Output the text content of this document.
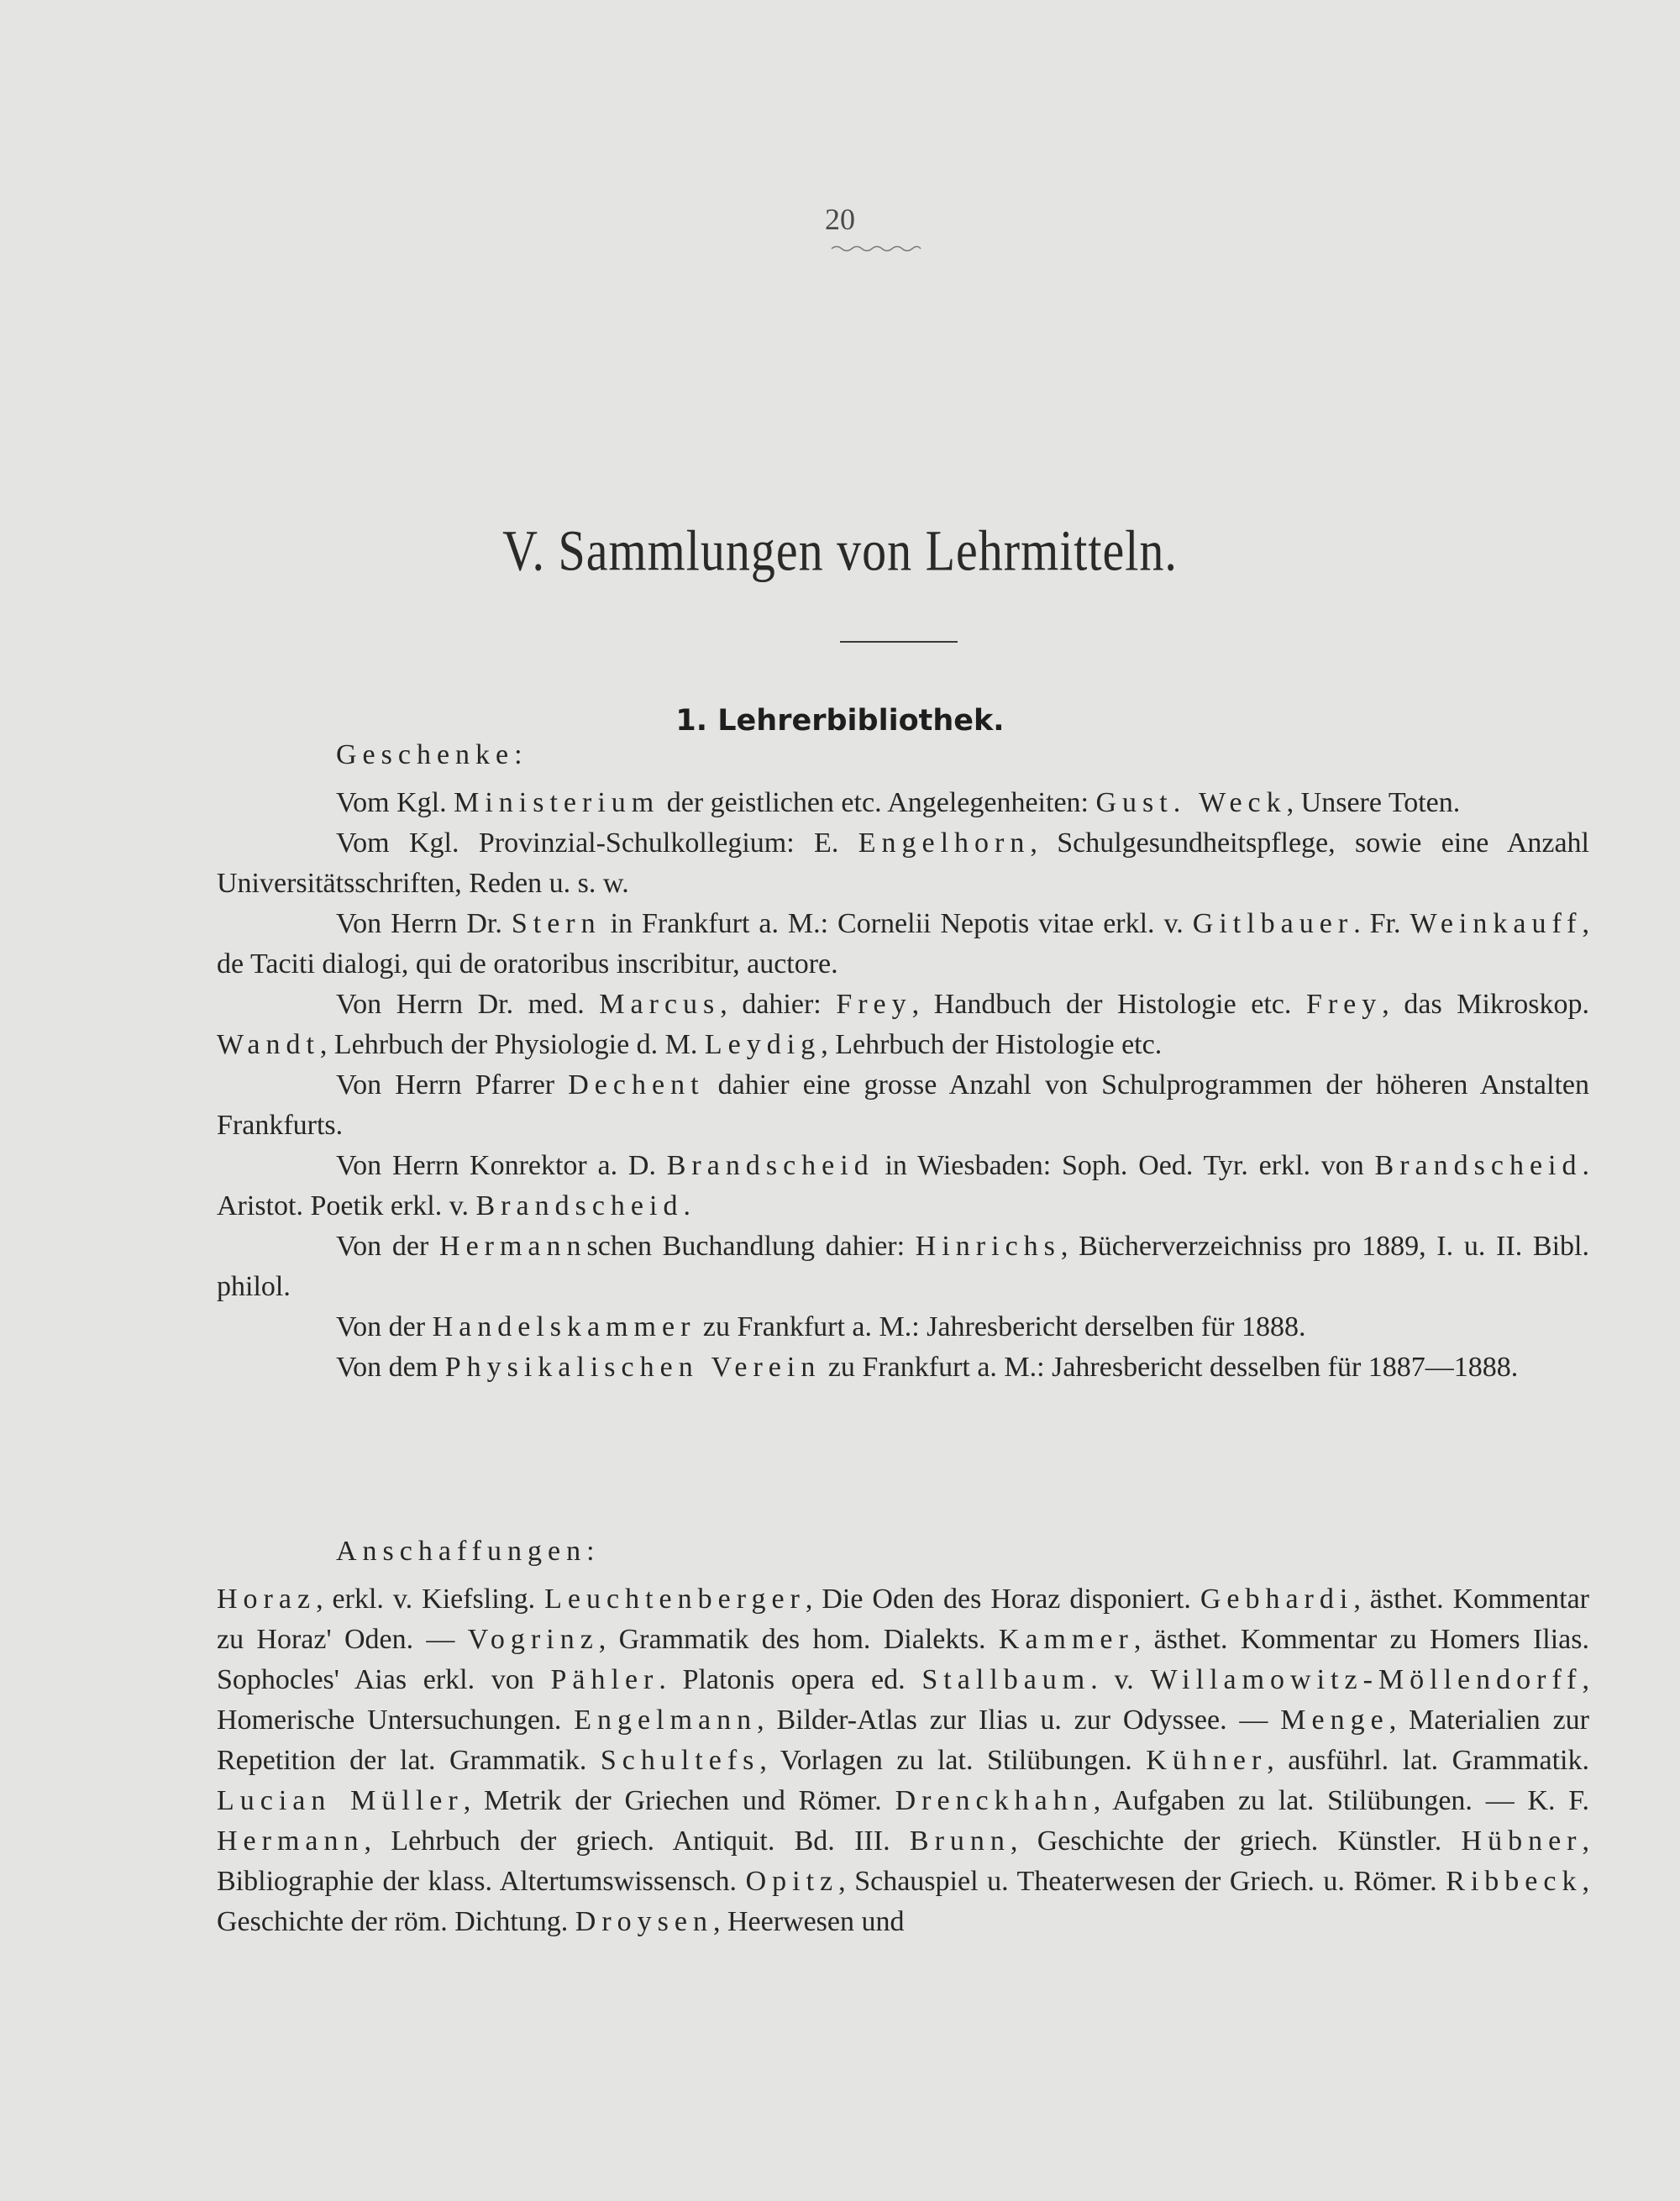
20
V. Sammlungen von Lehrmitteln.
1. Lehrerbibliothek.
Geschenke:

Vom Kgl. Ministerium der geistlichen etc. Angelegenheiten: Gust. Weck, Unsere Toten.

Vom Kgl. Provinzial-Schulkollegium: E. Engelhorn, Schulgesundheitspflege, sowie eine Anzahl Universitätsschriften, Reden u. s. w.

Von Herrn Dr. Stern in Frankfurt a. M.: Cornelii Nepotis vitae erkl. v. Gitlbauer. Fr. Weinkauff, de Taciti dialogi, qui de oratoribus inscribitur, auctore.

Von Herrn Dr. med. Marcus, dahier: Frey, Handbuch der Histologie etc. Frey, das Mikroskop. Wandt, Lehrbuch der Physiologie d. M. Leydig, Lehrbuch der Histologie etc.

Von Herrn Pfarrer Dechent dahier eine grosse Anzahl von Schulprogrammen der höheren Anstalten Frankfurts.

Von Herrn Konrektor a. D. Brandscheid in Wiesbaden: Soph. Oed. Tyr. erkl. von Brandscheid. Aristot. Poetik erkl. v. Brandscheid.

Von der Hermannschen Buchandlung dahier: Hinrichs, Bücherverzeichniss pro 1889, I. u. II. Bibl. philol.

Von der Handelskammer zu Frankfurt a. M.: Jahresbericht derselben für 1888.

Von dem Physikalischen Verein zu Frankfurt a. M.: Jahresbericht desselben für 1887—1888.

Anschaffungen:
Horaz, erkl. v. Kiefsling. Leuchtenberger, Die Oden des Horaz disponiert. Gebhardi, ästhet. Kommentar zu Horaz' Oden. — Vogrinz, Grammatik des hom. Dialekts. Kammer, ästhet. Kommentar zu Homers Ilias. Sophocles' Aias erkl. von Pähler. Platonis opera ed. Stallbaum. v. Willamowitz-Möllendorff, Homerische Untersuchungen. Engelmann, Bilder-Atlas zur Ilias u. zur Odyssee. — Menge, Materialien zur Repetition der lat. Grammatik. Schultefs, Vorlagen zu lat. Stilübungen. Kühner, ausführl. lat. Grammatik. Lucian Müller, Metrik der Griechen und Römer. Drenckhahn, Aufgaben zu lat. Stilübungen. — K. F. Hermann, Lehrbuch der griech. Antiquit. Bd. III. Brunn, Geschichte der griech. Künstler. Hübner, Bibliographie der klass. Altertumswissensch. Opitz, Schauspiel u. Theaterwesen der Griech. u. Römer. Ribbeck, Geschichte der röm. Dichtung. Droysen, Heerwesen und
